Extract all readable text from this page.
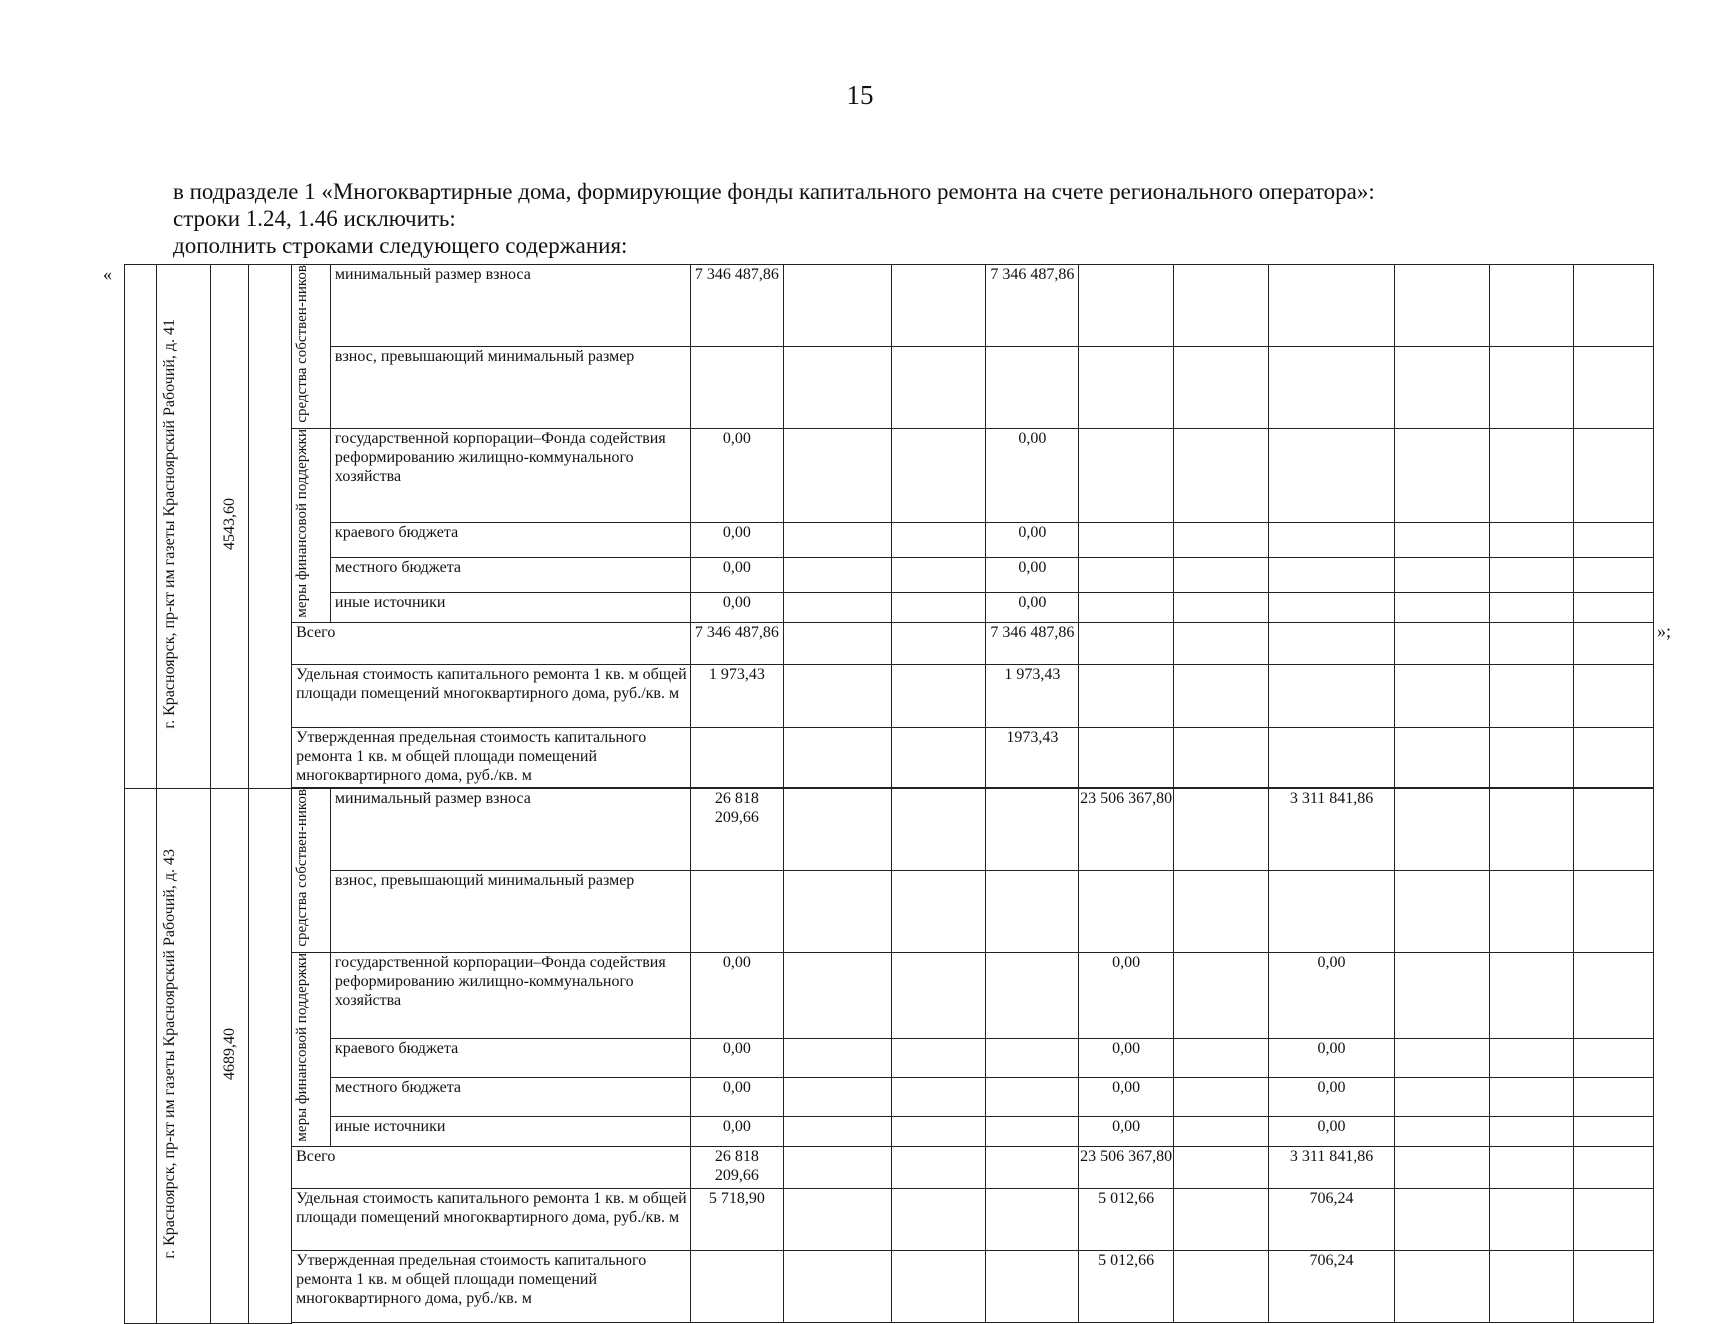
15
в подразделе 1 «Многоквартирные дома, формирующие фонды капитального ремонта на счете регионального оператора»:
строки 1.24, 1.46 исключить:
дополнить строками следующего содержания:
«
»;
	г. Красноярск, пр-кт им газеты Красноярский Рабочий, д. 41	4543,60		средства собствен-ников	минимальный размер взноса	7 346 487,86			7 346 487,86						
					взнос, превышающий минимальный размер										
				меры финансовой поддержки	государственной корпорации–Фонда содействия реформированию жилищно-коммунального хозяйства	0,00			0,00						
					краевого бюджета	0,00			0,00						
					местного бюджета	0,00			0,00						
					иные источники	0,00			0,00						
				Всего		7 346 487,86			7 346 487,86						
				Удельная стоимость капитального ремонта 1 кв. м общей площади помещений многоквартирного дома, руб./кв. м		1 973,43			1 973,43						
				Утвержденная предельная стоимость капитального ремонта 1 кв. м общей площади помещений многоквартирного дома, руб./кв. м					1973,43						

	г. Красноярск, пр-кт им газеты Красноярский Рабочий, д. 43	4689,40		средства собствен-ников	минимальный размер взноса	26 818 209,66				23 506 367,80		3 311 841,86			
					взнос, превышающий минимальный размер										
				меры финансовой поддержки	государственной корпорации–Фонда содействия реформированию жилищно-коммунального хозяйства	0,00				0,00		0,00			
					краевого бюджета	0,00				0,00		0,00			
					местного бюджета	0,00				0,00		0,00			
					иные источники	0,00				0,00		0,00			
				Всего		26 818 209,66				23 506 367,80		3 311 841,86			
				Удельная стоимость капитального ремонта 1 кв. м общей площади помещений многоквартирного дома, руб./кв. м		5 718,90				5 012,66		706,24			
				Утвержденная предельная стоимость капитального ремонта 1 кв. м общей площади помещений многоквартирного дома, руб./кв. м						5 012,66		706,24			
